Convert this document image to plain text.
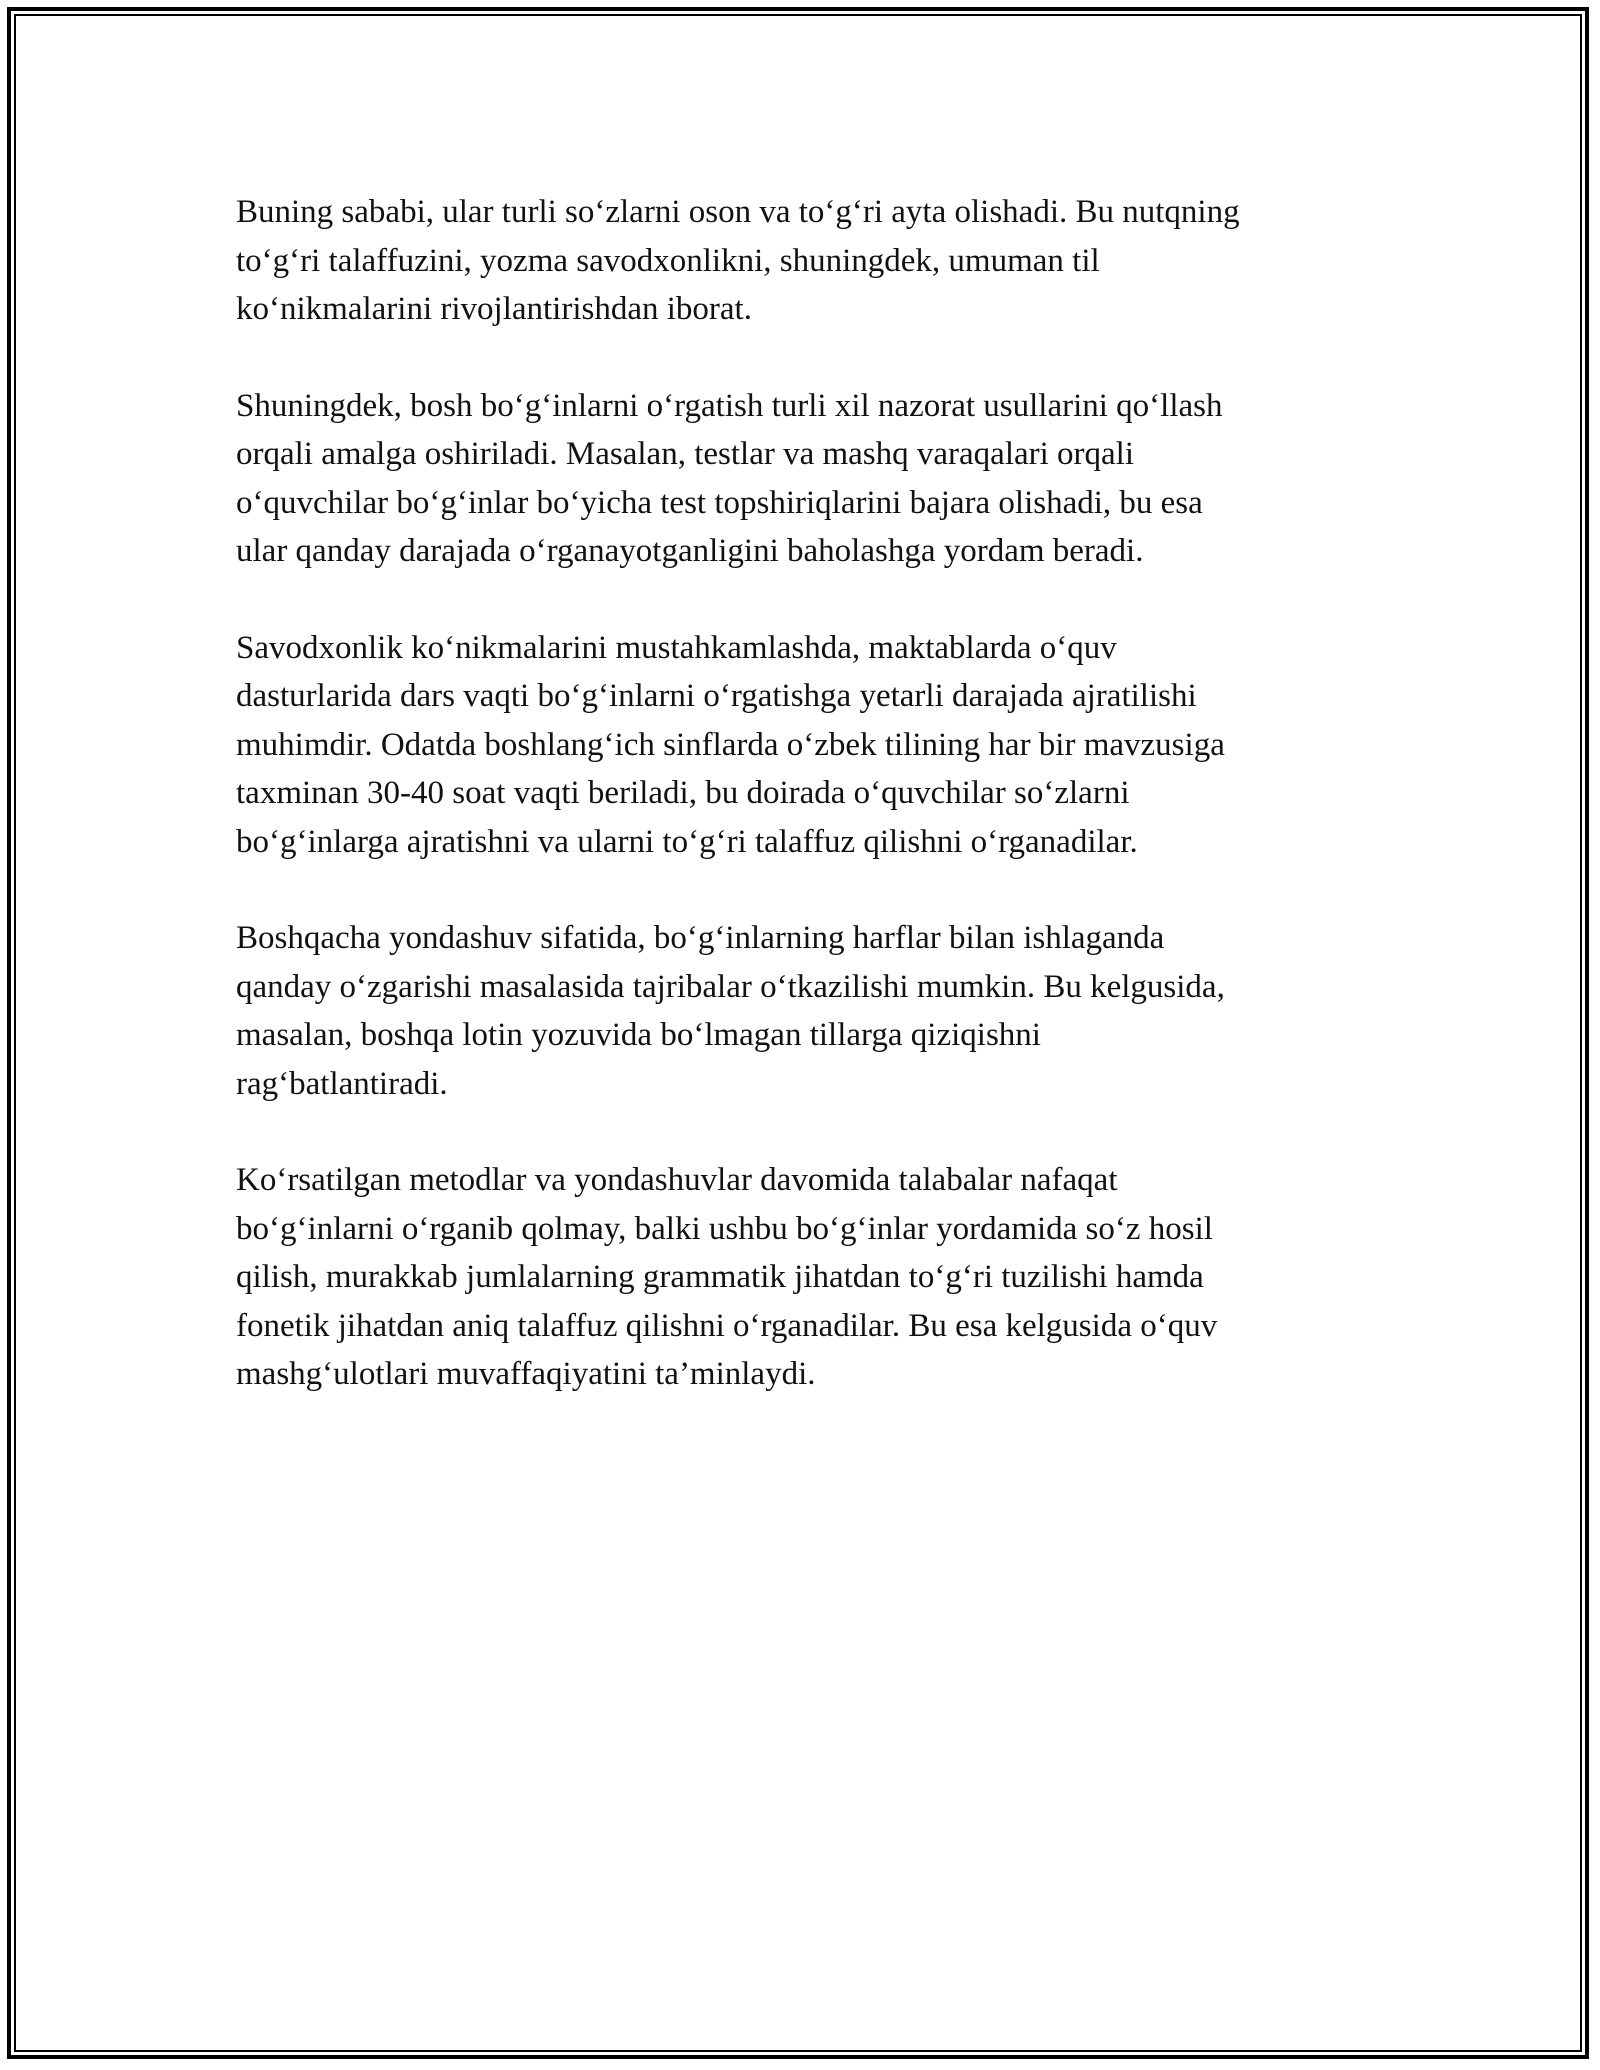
Buning sababi, ular turli so‘zlarni oson va to‘g‘ri ayta olishadi. Bu nutqning
to‘g‘ri talaffuzini, yozma savodxonlikni, shuningdek, umuman til
ko‘nikmalarini rivojlantirishdan iborat.

Shuningdek, bosh bo‘g‘inlarni o‘rgatish turli xil nazorat usullarini qo‘llash
orqali amalga oshiriladi. Masalan, testlar va mashq varaqalari orqali
o‘quvchilar bo‘g‘inlar bo‘yicha test topshiriqlarini bajara olishadi, bu esa
ular qanday darajada o‘rganayotganligini baholashga yordam beradi.

Savodxonlik ko‘nikmalarini mustahkamlashda, maktablarda o‘quv
dasturlarida dars vaqti bo‘g‘inlarni o‘rgatishga yetarli darajada ajratilishi
muhimdir. Odatda boshlang‘ich sinflarda o‘zbek tilining har bir mavzusiga
taxminan 30-40 soat vaqti beriladi, bu doirada o‘quvchilar so‘zlarni
bo‘g‘inlarga ajratishni va ularni to‘g‘ri talaffuz qilishni o‘rganadilar.

Boshqacha yondashuv sifatida, bo‘g‘inlarning harflar bilan ishlaganda
qanday o‘zgarishi masalasida tajribalar o‘tkazilishi mumkin. Bu kelgusida,
masalan, boshqa lotin yozuvida bo‘lmagan tillarga qiziqishni
rag‘batlantiradi.

Ko‘rsatilgan metodlar va yondashuvlar davomida talabalar nafaqat
bo‘g‘inlarni o‘rganib qolmay, balki ushbu bo‘g‘inlar yordamida so‘z hosil
qilish, murakkab jumlalarning grammatik jihatdan to‘g‘ri tuzilishi hamda
fonetik jihatdan aniq talaffuz qilishni o‘rganadilar. Bu esa kelgusida o‘quv
mashg‘ulotlari muvaffaqiyatini ta’minlaydi.
